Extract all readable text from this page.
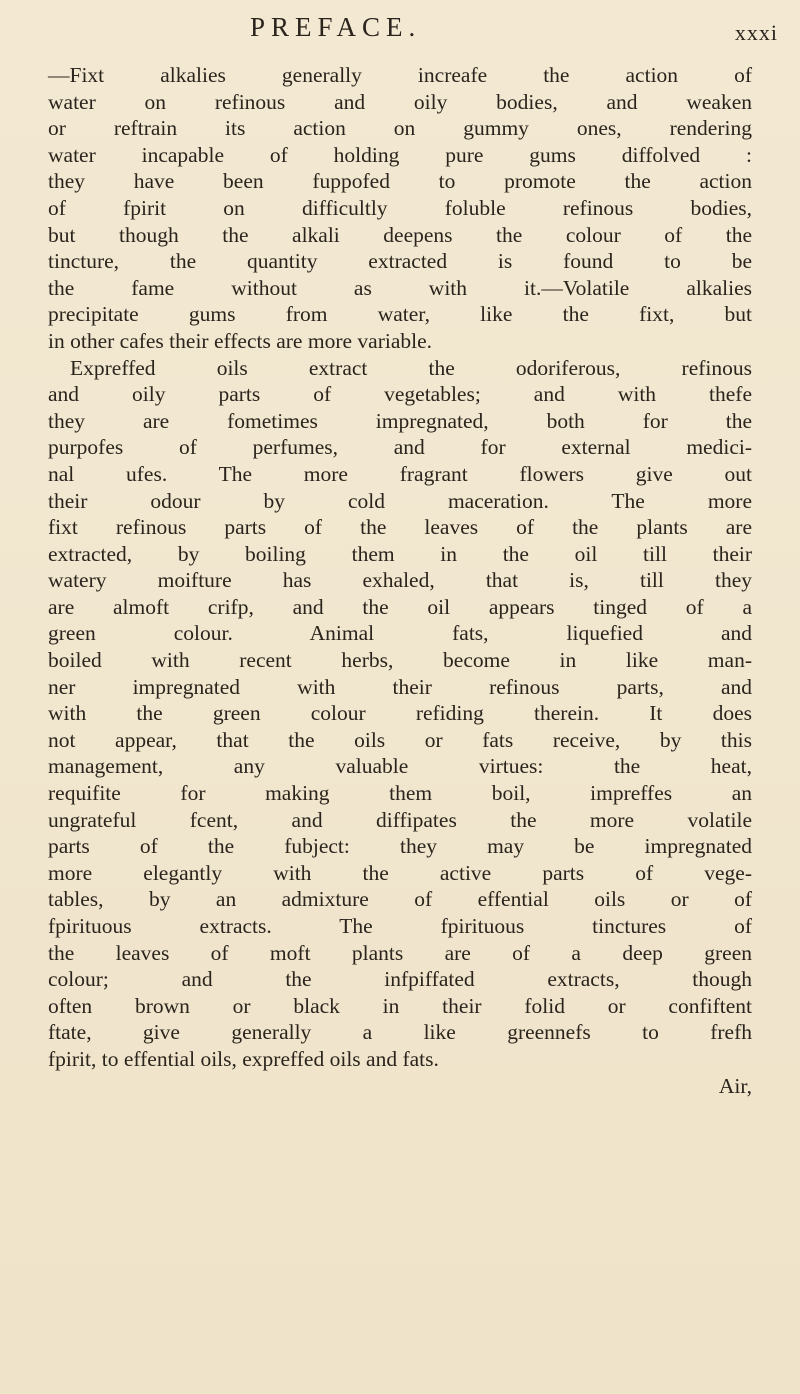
PREFACE.	xxxi
—Fixt alkalies generally increafe the action of
water on refinous and oily bodies, and weaken
or reftrain its action on gummy ones, rendering
water incapable of holding pure gums diffolved :
they have been fuppofed to promote the action
of fpirit on difficultly foluble refinous bodies,
but though the alkali deepens the colour of the
tincture, the quantity extracted is found to be
the fame without as with it.—Volatile alkalies
precipitate gums from water, like the fixt, but
in other cafes their effects are more variable.
Expreffed oils extract the odoriferous, refinous
and oily parts of vegetables; and with thefe
they are fometimes impregnated, both for the
purpofes of perfumes, and for external medici-
nal ufes. The more fragrant flowers give out
their odour by cold maceration. The more
fixt refinous parts of the leaves of the plants are
extracted, by boiling them in the oil till their
watery moifture has exhaled, that is, till they
are almoft crifp, and the oil appears tinged of a
green colour. Animal fats, liquefied and
boiled with recent herbs, become in like man-
ner impregnated with their refinous parts, and
with the green colour refiding therein. It does
not appear, that the oils or fats receive, by this
management, any valuable virtues: the heat,
requifite for making them boil, impreffes an
ungrateful fcent, and diffipates the more volatile
parts of the fubject: they may be impregnated
more elegantly with the active parts of vege-
tables, by an admixture of effential oils or of
fpirituous extracts. The fpirituous tinctures of
the leaves of moft plants are of a deep green
colour; and the infpiffated extracts, though
often brown or black in their folid or confiftent
ftate, give generally a like greennefs to frefh
fpirit, to effential oils, expreffed oils and fats.
Air,
